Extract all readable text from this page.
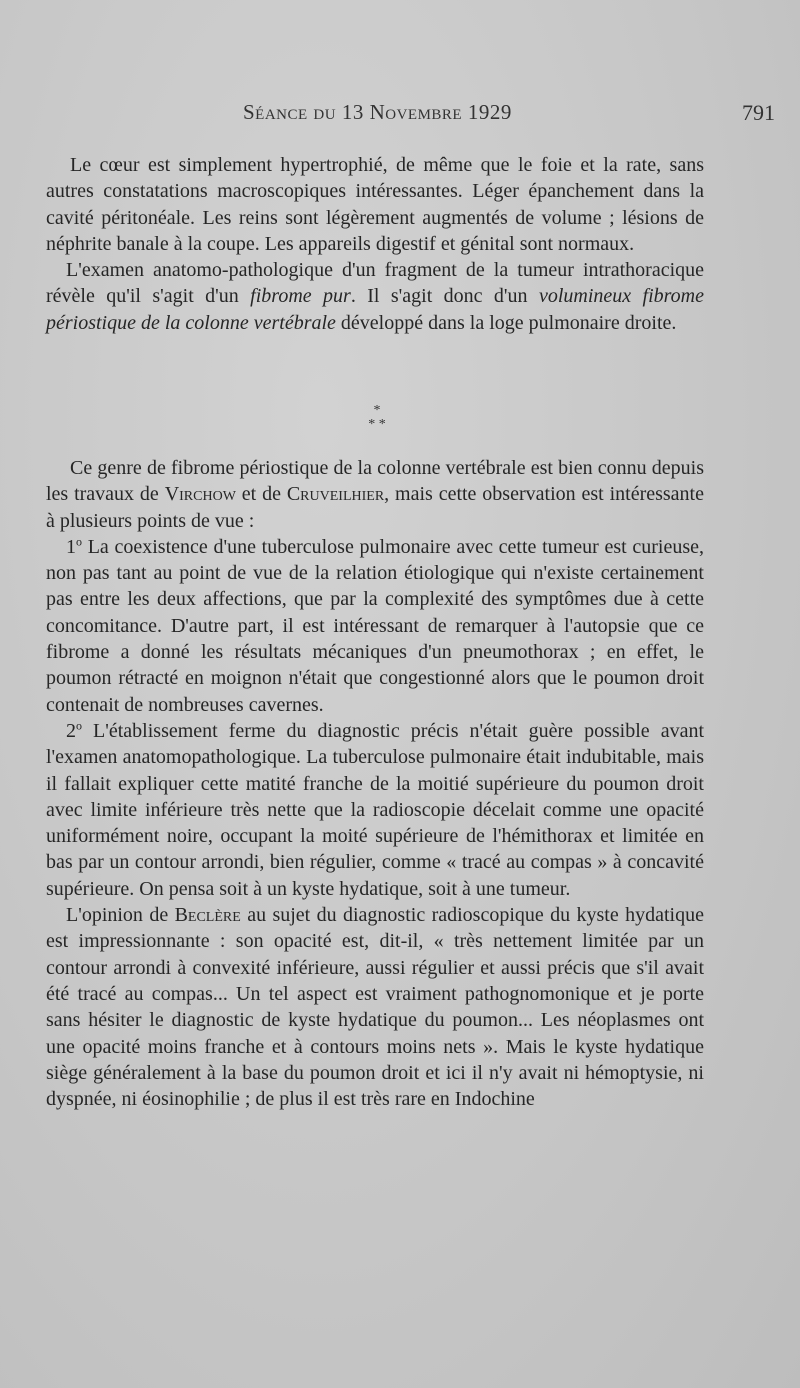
Séance du 13 Novembre 1929	791

Le cœur est simplement hypertrophié, de même que le foie et la rate, sans autres constatations macroscopiques intéressantes. Léger épanchement dans la cavité péritonéale. Les reins sont légèrement augmentés de volume ; lésions de néphrite banale à la coupe. Les appareils digestif et génital sont normaux.

L'examen anatomo-pathologique d'un fragment de la tumeur intrathoracique révèle qu'il s'agit d'un fibrome pur. Il s'agit donc d'un volumineux fibrome périostique de la colonne vertébrale développé dans la loge pulmonaire droite.

*
* *

Ce genre de fibrome périostique de la colonne vertébrale est bien connu depuis les travaux de Virchow et de Cruveilhier, mais cette observation est intéressante à plusieurs points de vue :

1$^o$ La coexistence d'une tuberculose pulmonaire avec cette tumeur est curieuse, non pas tant au point de vue de la relation étiologique qui n'existe certainement pas entre les deux affections, que par la complexité des symptômes due à cette concomitance. D'autre part, il est intéressant de remarquer à l'autopsie que ce fibrome a donné les résultats mécaniques d'un pneumothorax ; en effet, le poumon rétracté en moignon n'était que congestionné alors que le poumon droit contenait de nombreuses cavernes.

2$^o$ L'établissement ferme du diagnostic précis n'était guère possible avant l'examen anatomopathologique. La tuberculose pulmonaire était indubitable, mais il fallait expliquer cette matité franche de la moitié supérieure du poumon droit avec limite inférieure très nette que la radioscopie décelait comme une opacité uniformément noire, occupant la moité supérieure de l'hémithorax et limitée en bas par un contour arrondi, bien régulier, comme « tracé au compas » à concavité supérieure. On pensa soit à un kyste hydatique, soit à une tumeur.

L'opinion de Beclère au sujet du diagnostic radioscopique du kyste hydatique est impressionnante : son opacité est, dit-il, « très nettement limitée par un contour arrondi à convexité inférieure, aussi régulier et aussi précis que s'il avait été tracé au compas... Un tel aspect est vraiment pathognomonique et je porte sans hésiter le diagnostic de kyste hydatique du poumon... Les néoplasmes ont une opacité moins franche et à contours moins nets ». Mais le kyste hydatique siège généralement à la base du poumon droit et ici il n'y avait ni hémoptysie, ni dyspnée, ni éosinophilie ; de plus il est très rare en Indochine
